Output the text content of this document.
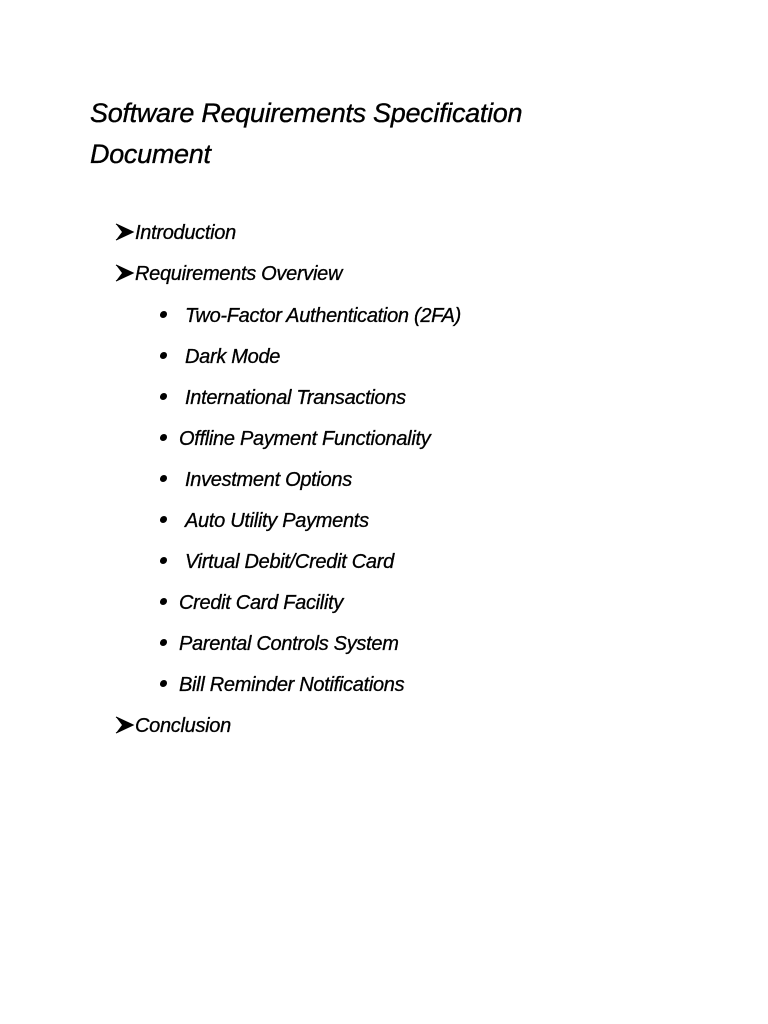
Software Requirements Specification Document
Introduction
Requirements Overview
Two-Factor Authentication (2FA)
Dark Mode
International Transactions
Offline Payment Functionality
Investment Options
Auto Utility Payments
Virtual Debit/Credit Card
Credit Card Facility
Parental Controls System
Bill Reminder Notifications
Conclusion
